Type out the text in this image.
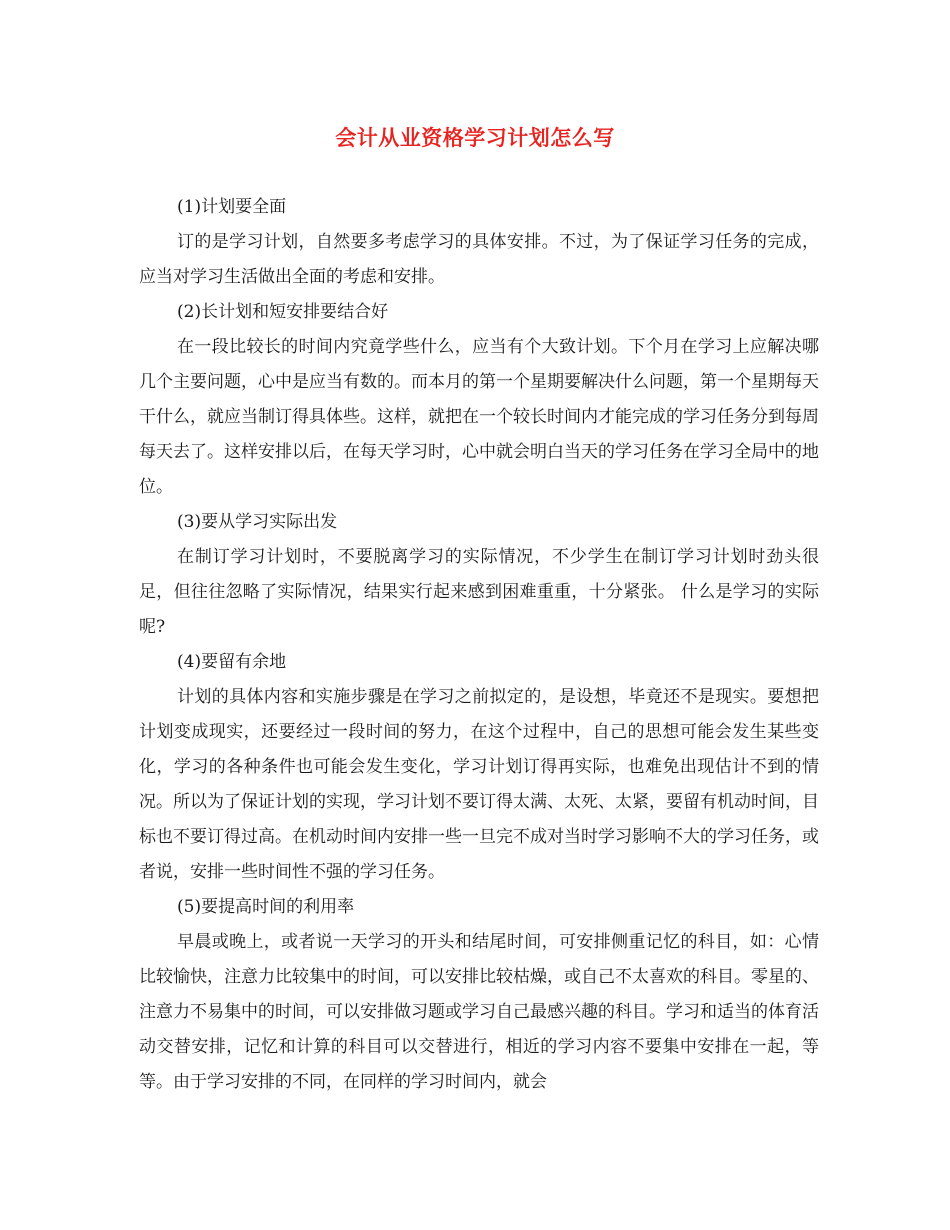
会计从业资格学习计划怎么写

(1)计划要全面

订的是学习计划，自然要多考虑学习的具体安排。不过，为了保证学习任务的完成，应当对学习生活做出全面的考虑和安排。

(2)长计划和短安排要结合好

在一段比较长的时间内究竟学些什么，应当有个大致计划。下个月在学习上应解决哪几个主要问题，心中是应当有数的。而本月的第一个星期要解决什么问题，第一个星期每天干什么，就应当制订得具体些。这样，就把在一个较长时间内才能完成的学习任务分到每周每天去了。这样安排以后，在每天学习时，心中就会明白当天的学习任务在学习全局中的地位。

(3)要从学习实际出发

在制订学习计划时，不要脱离学习的实际情况，不少学生在制订学习计划时劲头很足，但往往忽略了实际情况，结果实行起来感到困难重重，十分紧张。 什么是学习的实际呢?

(4)要留有余地

计划的具体内容和实施步骤是在学习之前拟定的，是设想，毕竟还不是现实。要想把计划变成现实，还要经过一段时间的努力，在这个过程中，自己的思想可能会发生某些变化，学习的各种条件也可能会发生变化，学习计划订得再实际，也难免出现估计不到的情况。所以为了保证计划的实现，学习计划不要订得太满、太死、太紧，要留有机动时间，目标也不要订得过高。在机动时间内安排一些一旦完不成对当时学习影响不大的学习任务，或者说，安排一些时间性不强的学习任务。

(5)要提高时间的利用率

早晨或晚上，或者说一天学习的开头和结尾时间，可安排侧重记忆的科目，如：心情比较愉快，注意力比较集中的时间，可以安排比较枯燥，或自己不太喜欢的科目。零星的、注意力不易集中的时间，可以安排做习题或学习自己最感兴趣的科目。学习和适当的体育活动交替安排，记忆和计算的科目可以交替进行，相近的学习内容不要集中安排在一起，等等。由于学习安排的不同，在同样的学习时间内，就会
